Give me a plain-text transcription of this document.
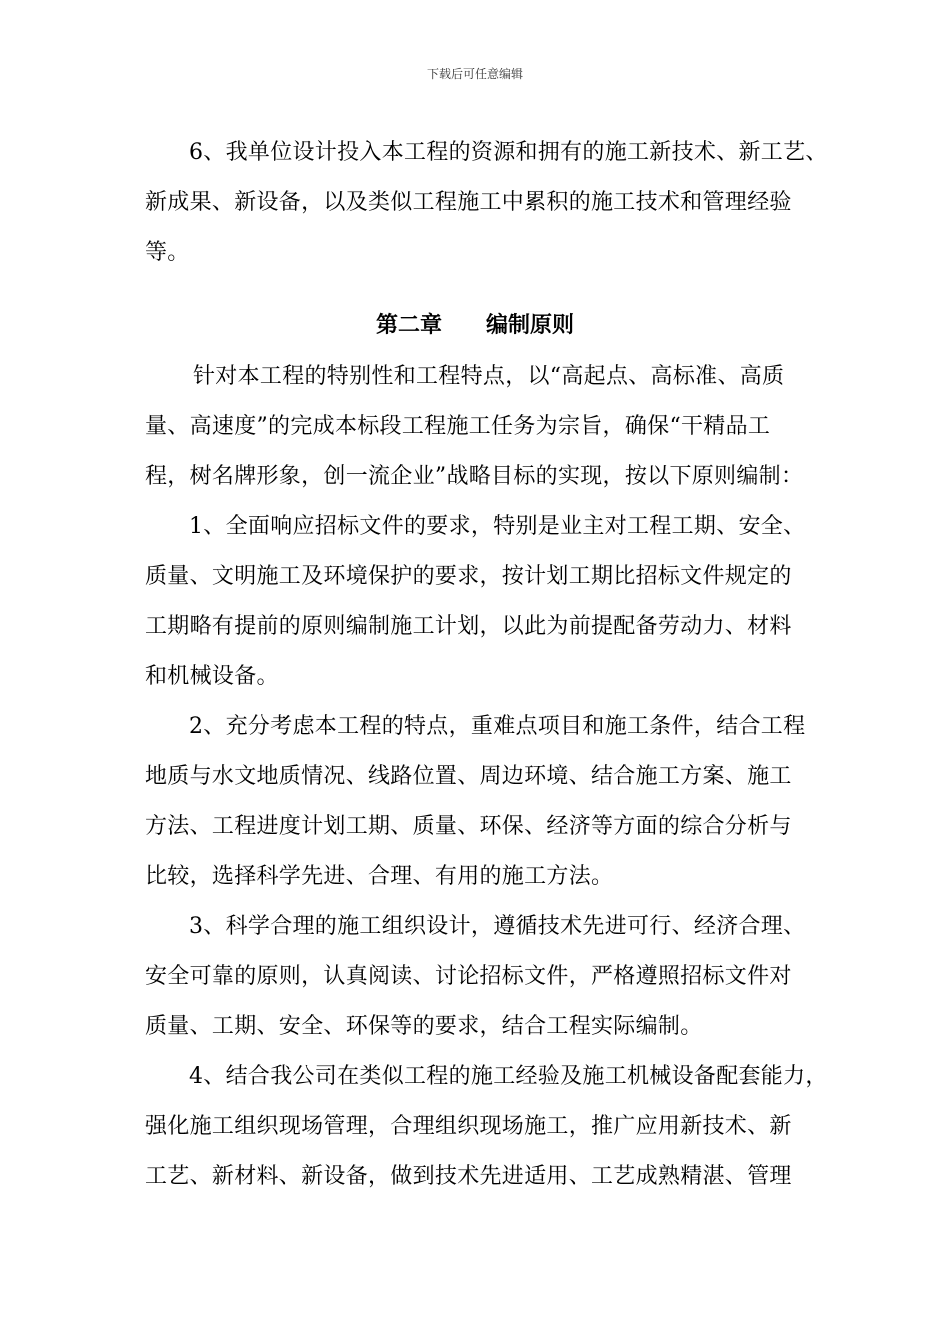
下载后可任意编辑

6、我单位设计投入本工程的资源和拥有的施工新技术、新工艺、
新成果、新设备，以及类似工程施工中累积的施工技术和管理经验
等。

第二章 编制原则

针对本工程的特别性和工程特点，以“高起点、高标准、高质
量、高速度”的完成本标段工程施工任务为宗旨，确保“干精品工
程，树名牌形象，创一流企业”战略目标的实现，按以下原则编制：

1、全面响应招标文件的要求，特别是业主对工程工期、安全、
质量、文明施工及环境保护的要求，按计划工期比招标文件规定的
工期略有提前的原则编制施工计划，以此为前提配备劳动力、材料
和机械设备。

2、充分考虑本工程的特点，重难点项目和施工条件，结合工程
地质与水文地质情况、线路位置、周边环境、结合施工方案、施工
方法、工程进度计划工期、质量、环保、经济等方面的综合分析与
比较，选择科学先进、合理、有用的施工方法。

3、科学合理的施工组织设计，遵循技术先进可行、经济合理、
安全可靠的原则，认真阅读、讨论招标文件，严格遵照招标文件对
质量、工期、安全、环保等的要求，结合工程实际编制。

4、结合我公司在类似工程的施工经验及施工机械设备配套能力，
强化施工组织现场管理，合理组织现场施工，推广应用新技术、新
工艺、新材料、新设备，做到技术先进适用、工艺成熟精湛、管理
